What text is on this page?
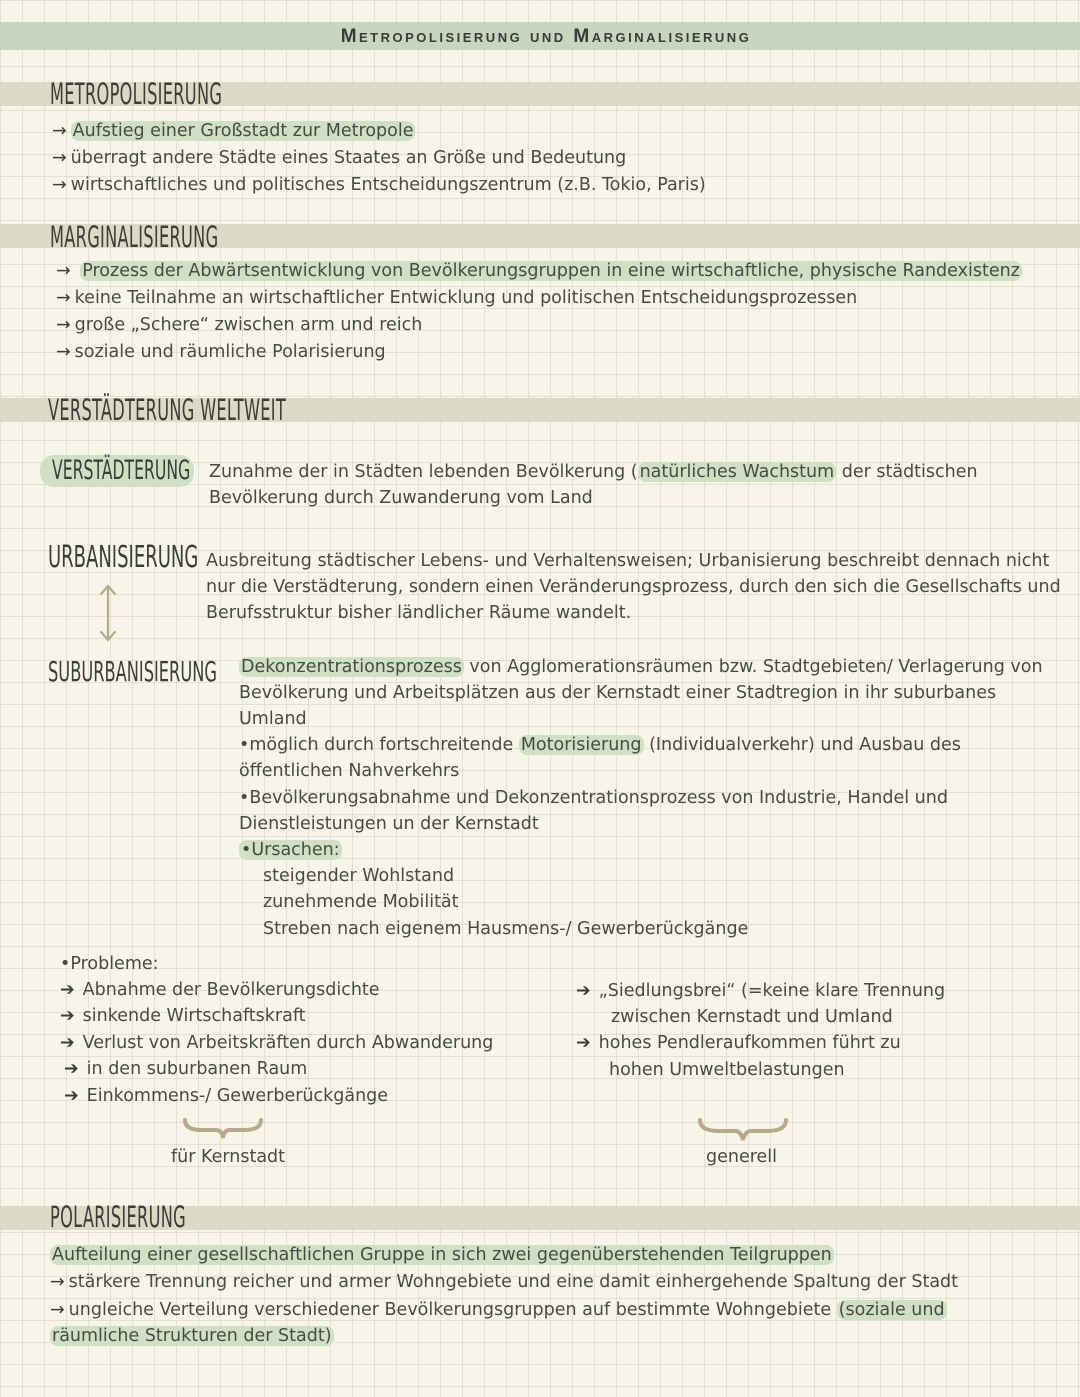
Metropolisierung und Marginalisierung
METROPOLISIERUNG
→ Aufstieg einer Großstadt zur Metropole
→ überragt andere Städte eines Staates an Größe und Bedeutung
→ wirtschaftliches und politisches Entscheidungszentrum (z.B. Tokio, Paris)
MARGINALISIERUNG
→ Prozess der Abwärtsentwicklung von Bevölkerungsgruppen in eine wirtschaftliche, physische Randexistenz
→ keine Teilnahme an wirtschaftlicher Entwicklung und politischen Entscheidungsprozessen
→ große „Schere“ zwischen arm und reich
→ soziale und räumliche Polarisierung
VERSTÄDTERUNG WELTWEIT
VERSTÄDTERUNG Zunahme der in Städten lebenden Bevölkerung ( natürliches Wachstum der städtischen
Bevölkerung durch Zuwanderung vom Land
URBANISIERUNG Ausbreitung städtischer Lebens- und Verhaltensweisen; Urbanisierung beschreibt dennach nicht
nur die Verstädterung, sondern einen Veränderungsprozess, durch den sich die Gesellschafts und
Berufsstruktur bisher ländlicher Räume wandelt.
SUBURBANISIERUNG Dekonzentrationsprozess von Agglomerationsräumen bzw. Stadtgebieten/ Verlagerung von
Bevölkerung und Arbeitsplätzen aus der Kernstadt einer Stadtregion in ihr suburbanes
Umland
•möglich durch fortschreitende Motorisierung (Individualverkehr) und Ausbau des
öffentlichen Nahverkehrs
•Bevölkerungsabnahme und Dekonzentrationsprozess von Industrie, Handel und
Dienstleistungen un der Kernstadt
•Ursachen:
steigender Wohlstand
zunehmende Mobilität
Streben nach eigenem Hausmens-/ Gewerberückgänge
•Probleme:
➔ Abnahme der Bevölkerungsdichte
➔ sinkende Wirtschaftskraft
➔ Verlust von Arbeitskräften durch Abwanderung
➔ in den suburbanen Raum
➔ Einkommens-/ Gewerberückgänge
➔ „Siedlungsbrei“ (=keine klare Trennung
zwischen Kernstadt und Umland
➔ hohes Pendleraufkommen führt zu
hohen Umweltbelastungen
für Kernstadt	generell
POLARISIERUNG
Aufteilung einer gesellschaftlichen Gruppe in sich zwei gegenüberstehenden Teilgruppen
→ stärkere Trennung reicher und armer Wohngebiete und eine damit einhergehende Spaltung der Stadt
→ ungleiche Verteilung verschiedener Bevölkerungsgruppen auf bestimmte Wohngebiete (soziale und
räumliche Strukturen der Stadt)
